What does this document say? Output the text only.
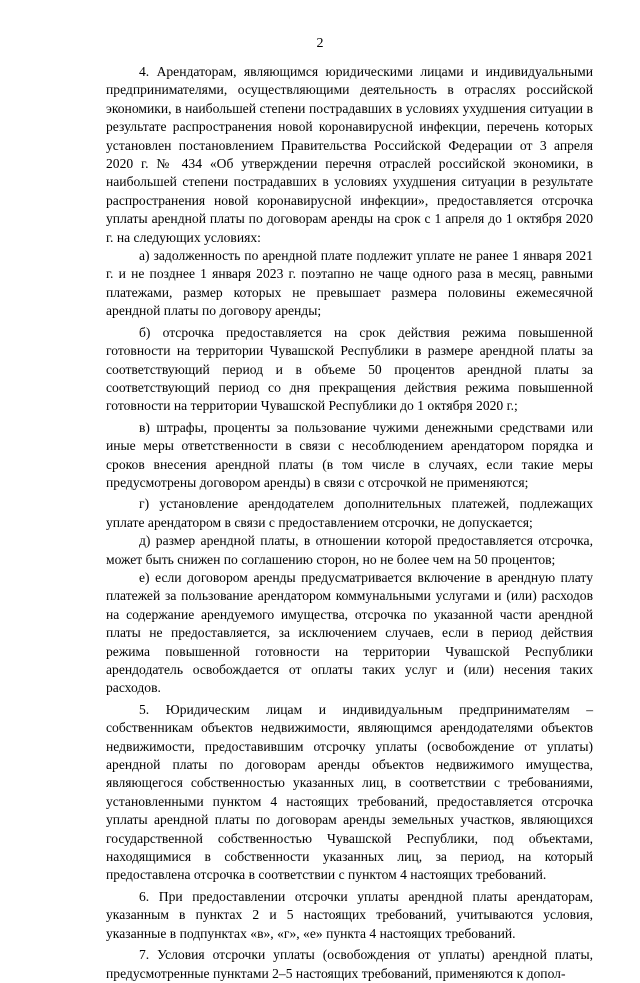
2

4. Арендаторам, являющимся юридическими лицами и индивидуальными предпринимателями, осуществляющими деятельность в отраслях российской экономики, в наибольшей степени пострадавших в условиях ухудшения ситуации в результате распространения новой коронавирусной инфекции, перечень которых установлен постановлением Правительства Российской Федерации от 3 апреля 2020 г. № 434 «Об утверждении перечня отраслей российской экономики, в наибольшей степени пострадавших в условиях ухудшения ситуации в результате распространения новой коронавирусной инфекции», предоставляется отсрочка уплаты арендной платы по договорам аренды на срок с 1 апреля до 1 октября 2020 г. на следующих условиях:

а) задолженность по арендной плате подлежит уплате не ранее 1 января 2021 г. и не позднее 1 января 2023 г. поэтапно не чаще одного раза в месяц, равными платежами, размер которых не превышает размера половины ежемесячной арендной платы по договору аренды;

б) отсрочка предоставляется на срок действия режима повышенной готовности на территории Чувашской Республики в размере арендной платы за соответствующий период и в объеме 50 процентов арендной платы за соответствующий период со дня прекращения действия режима повышенной готовности на территории Чувашской Республики до 1 октября 2020 г.;

в) штрафы, проценты за пользование чужими денежными средствами или иные меры ответственности в связи с несоблюдением арендатором порядка и сроков внесения арендной платы (в том числе в случаях, если такие меры предусмотрены договором аренды) в связи с отсрочкой не применяются;

г) установление арендодателем дополнительных платежей, подлежащих уплате арендатором в связи с предоставлением отсрочки, не допускается;

д) размер арендной платы, в отношении которой предоставляется отсрочка, может быть снижен по соглашению сторон, но не более чем на 50 процентов;

е) если договором аренды предусматривается включение в арендную плату платежей за пользование арендатором коммунальными услугами и (или) расходов на содержание арендуемого имущества, отсрочка по указанной части арендной платы не предоставляется, за исключением случаев, если в период действия режима повышенной готовности на территории Чувашской Республики арендодатель освобождается от оплаты таких услуг и (или) несения таких расходов.

5. Юридическим лицам и индивидуальным предпринимателям – собственникам объектов недвижимости, являющимся арендодателями объектов недвижимости, предоставившим отсрочку уплаты (освобождение от уплаты) арендной платы по договорам аренды объектов недвижимого имущества, являющегося собственностью указанных лиц, в соответствии с требованиями, установленными пунктом 4 настоящих требований, предоставляется отсрочка уплаты арендной платы по договорам аренды земельных участков, являющихся государственной собственностью Чувашской Республики, под объектами, находящимися в собственности указанных лиц, за период, на который предоставлена отсрочка в соответствии с пунктом 4 настоящих требований.

6. При предоставлении отсрочки уплаты арендной платы арендаторам, указанным в пунктах 2 и 5 настоящих требований, учитываются условия, указанные в подпунктах «в», «г», «е» пункта 4 настоящих требований.

7. Условия отсрочки уплаты (освобождения от уплаты) арендной платы, предусмотренные пунктами 2–5 настоящих требований, применяются к допол-
